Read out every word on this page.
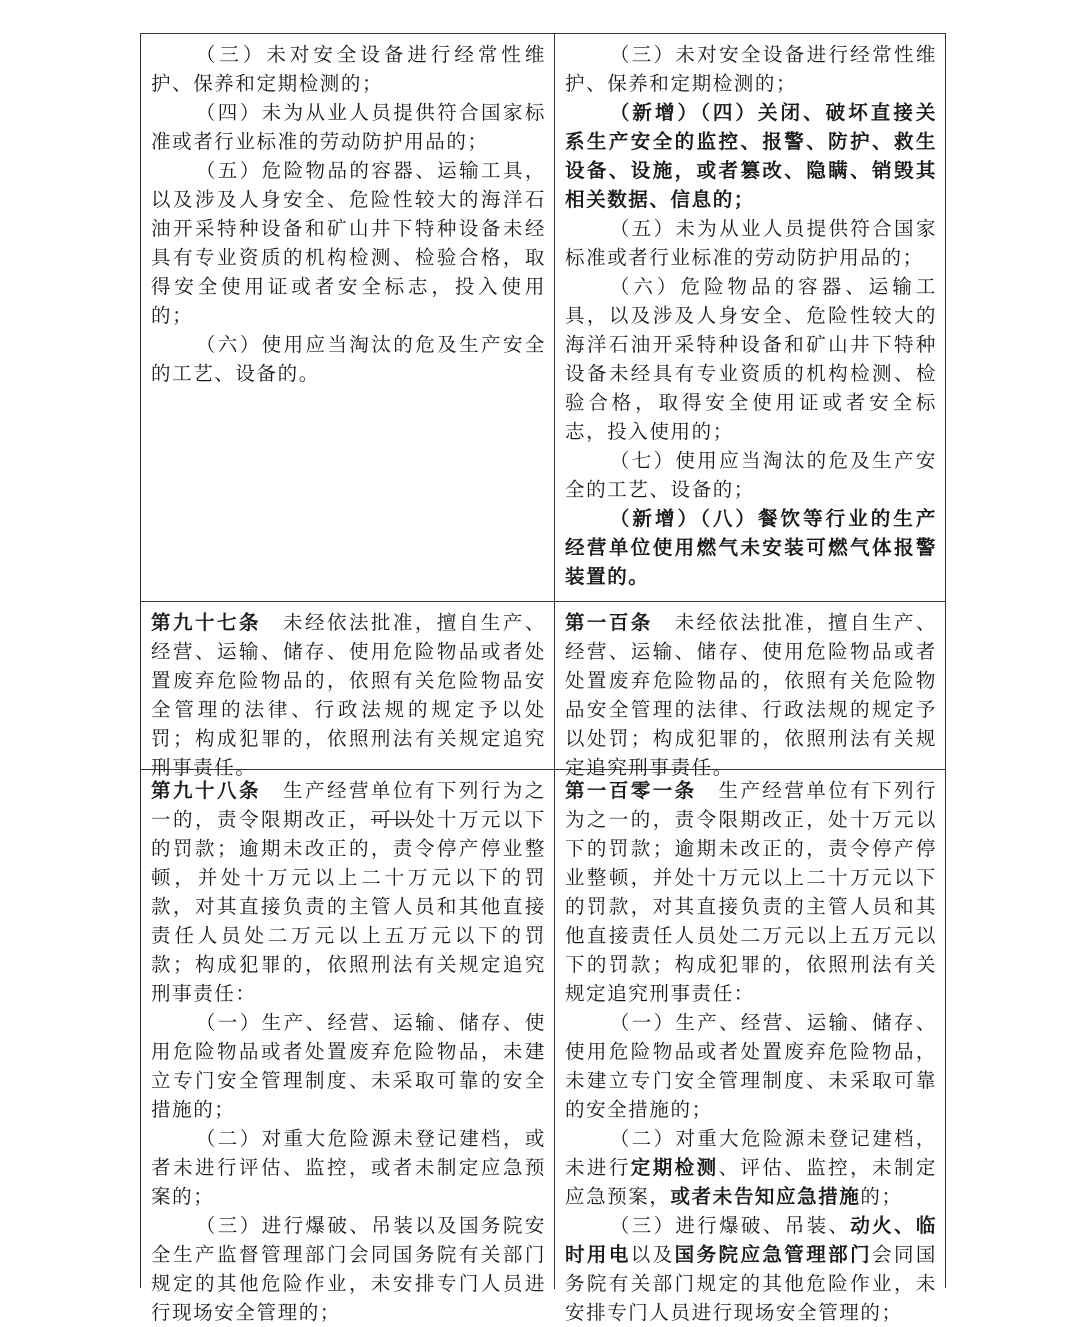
（三）未对安全设备进行经常性维护、保养和定期检测的；

（四）未为从业人员提供符合国家标准或者行业标准的劳动防护用品的；

（五）危险物品的容器、运输工具，以及涉及人身安全、危险性较大的海洋石油开采特种设备和矿山井下特种设备未经具有专业资质的机构检测、检验合格，取得安全使用证或者安全标志，投入使用的；

（六）使用应当淘汰的危及生产安全的工艺、设备的。

（三）未对安全设备进行经常性维护、保养和定期检测的；

（新增）（四）关闭、破坏直接关系生产安全的监控、报警、防护、救生设备、设施，或者篡改、隐瞒、销毁其相关数据、信息的；

（五）未为从业人员提供符合国家标准或者行业标准的劳动防护用品的；

（六）危险物品的容器、运输工具，以及涉及人身安全、危险性较大的海洋石油开采特种设备和矿山井下特种设备未经具有专业资质的机构检测、检验合格，取得安全使用证或者安全标志，投入使用的；

（七）使用应当淘汰的危及生产安全的工艺、设备的；

（新增）（八）餐饮等行业的生产经营单位使用燃气未安装可燃气体报警装置的。

第九十七条　未经依法批准，擅自生产、经营、运输、储存、使用危险物品或者处置废弃危险物品的，依照有关危险物品安全管理的法律、行政法规的规定予以处罚；构成犯罪的，依照刑法有关规定追究刑事责任。

第一百条　未经依法批准，擅自生产、经营、运输、储存、使用危险物品或者处置废弃危险物品的，依照有关危险物品安全管理的法律、行政法规的规定予以处罚；构成犯罪的，依照刑法有关规定追究刑事责任。

第九十八条　生产经营单位有下列行为之一的，责令限期改正，可以处十万元以下的罚款；逾期未改正的，责令停产停业整顿，并处十万元以上二十万元以下的罚款，对其直接负责的主管人员和其他直接责任人员处二万元以上五万元以下的罚款；构成犯罪的，依照刑法有关规定追究刑事责任：

（一）生产、经营、运输、储存、使用危险物品或者处置废弃危险物品，未建立专门安全管理制度、未采取可靠的安全措施的；

（二）对重大危险源未登记建档，或者未进行评估、监控，或者未制定应急预案的；

（三）进行爆破、吊装以及国务院安全生产监督管理部门会同国务院有关部门规定的其他危险作业，未安排专门人员进行现场安全管理的；

第一百零一条　生产经营单位有下列行为之一的，责令限期改正，处十万元以下的罚款；逾期未改正的，责令停产停业整顿，并处十万元以上二十万元以下的罚款，对其直接负责的主管人员和其他直接责任人员处二万元以上五万元以下的罚款；构成犯罪的，依照刑法有关规定追究刑事责任：

（一）生产、经营、运输、储存、使用危险物品或者处置废弃危险物品，未建立专门安全管理制度、未采取可靠的安全措施的；

（二）对重大危险源未登记建档，未进行定期检测、评估、监控，未制定应急预案，或者未告知应急措施的；

（三）进行爆破、吊装、动火、临时用电以及国务院应急管理部门会同国务院有关部门规定的其他危险作业，未安排专门人员进行现场安全管理的；
